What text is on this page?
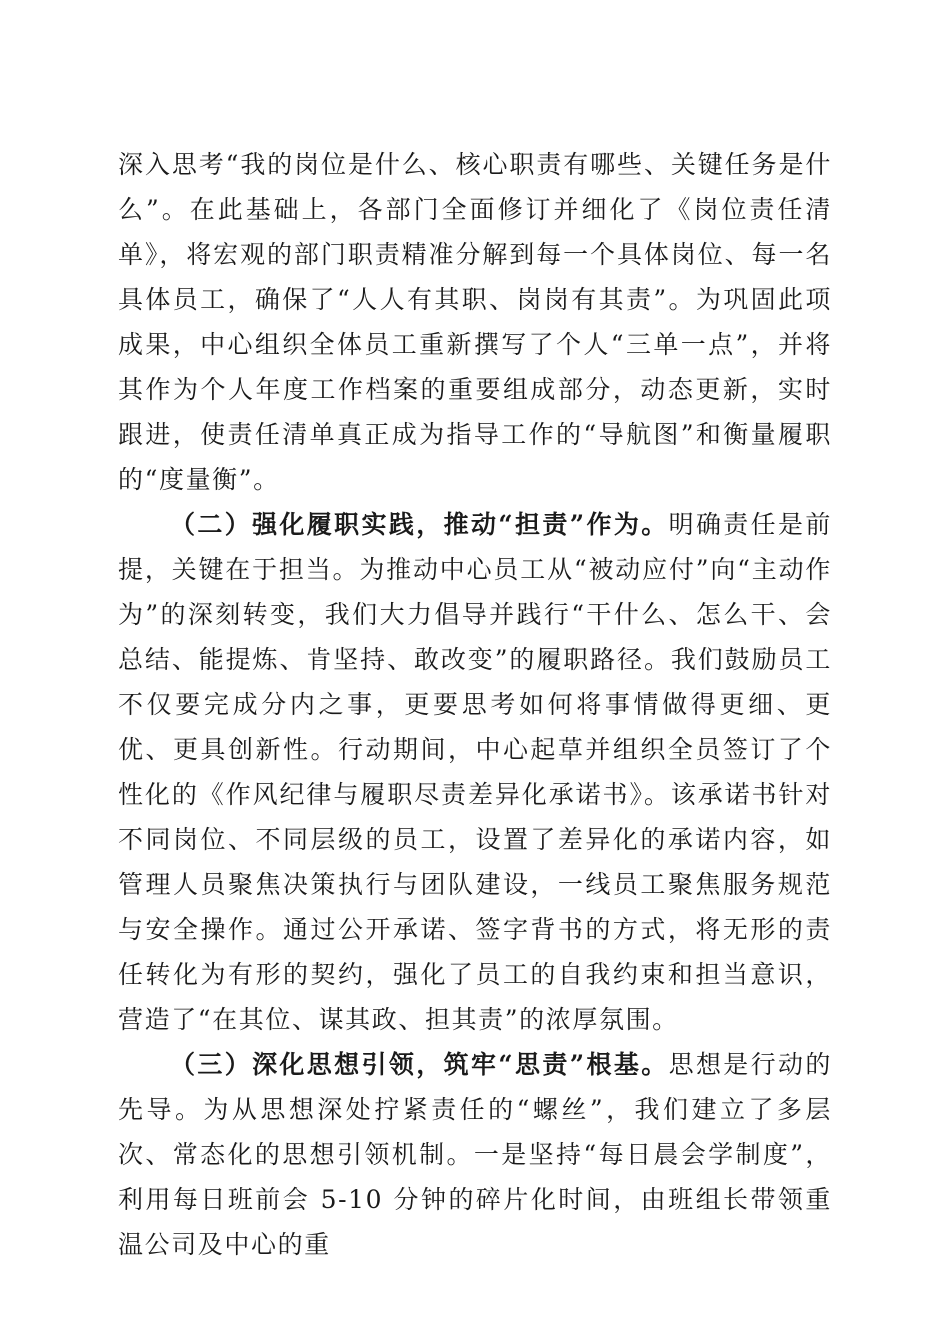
深入思考“我的岗位是什么、核心职责有哪些、关键任务是什么”。在此基础上，各部门全面修订并细化了《岗位责任清单》，将宏观的部门职责精准分解到每一个具体岗位、每一名具体员工，确保了“人人有其职、岗岗有其责”。为巩固此项成果，中心组织全体员工重新撰写了个人“三单一点”，并将其作为个人年度工作档案的重要组成部分，动态更新，实时跟进，使责任清单真正成为指导工作的“导航图”和衡量履职的“度量衡”。

（二）强化履职实践，推动“担责”作为。明确责任是前提，关键在于担当。为推动中心员工从“被动应付”向“主动作为”的深刻转变，我们大力倡导并践行“干什么、怎么干、会总结、能提炼、肯坚持、敢改变”的履职路径。我们鼓励员工不仅要完成分内之事，更要思考如何将事情做得更细、更优、更具创新性。行动期间，中心起草并组织全员签订了个性化的《作风纪律与履职尽责差异化承诺书》。该承诺书针对不同岗位、不同层级的员工，设置了差异化的承诺内容，如管理人员聚焦决策执行与团队建设，一线员工聚焦服务规范与安全操作。通过公开承诺、签字背书的方式，将无形的责任转化为有形的契约，强化了员工的自我约束和担当意识，营造了“在其位、谋其政、担其责”的浓厚氛围。

（三）深化思想引领，筑牢“思责”根基。思想是行动的先导。为从思想深处拧紧责任的“螺丝”，我们建立了多层次、常态化的思想引领机制。一是坚持“每日晨会学制度”，利用每日班前会 5-10 分钟的碎片化时间，由班组长带领重温公司及中心的重
